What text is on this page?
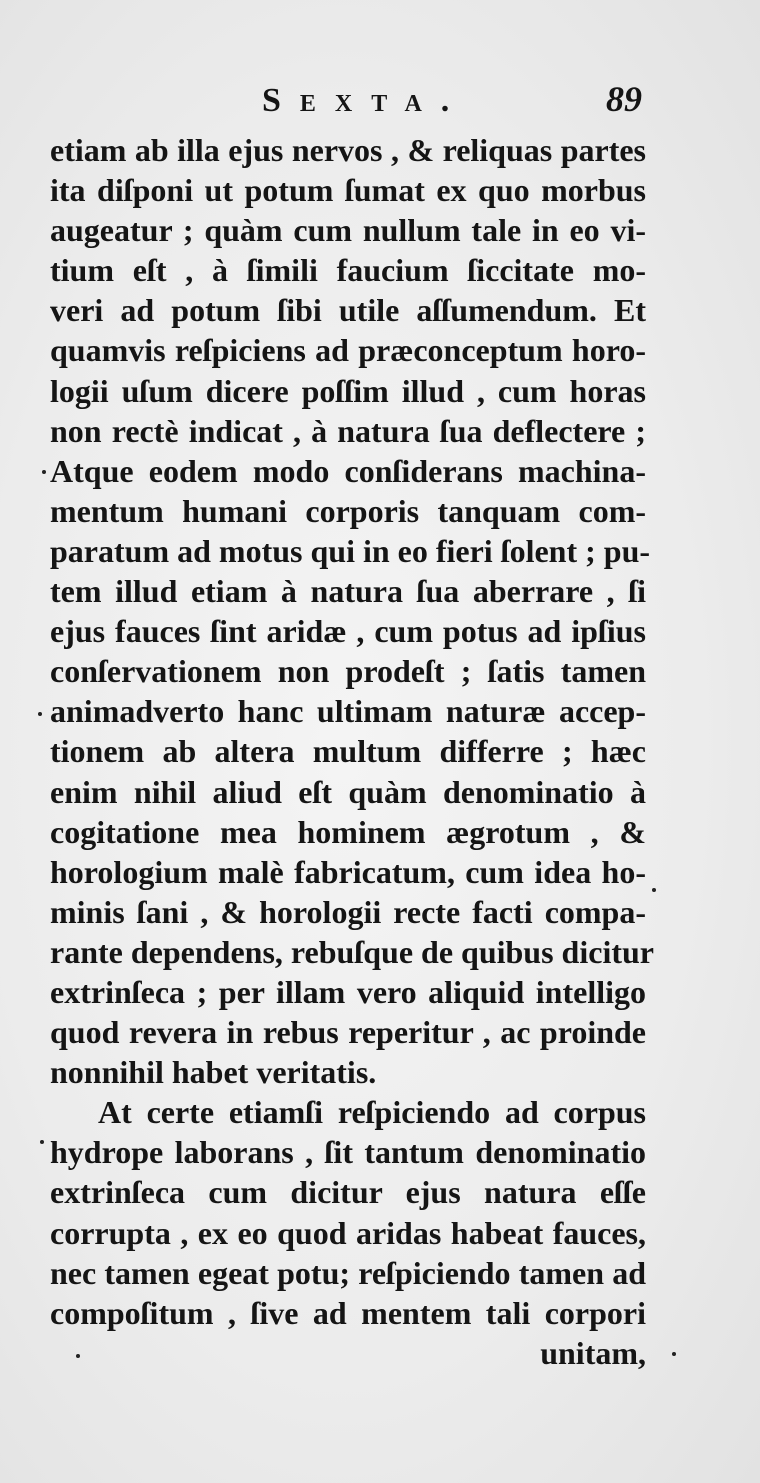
Sexta.	89
etiam ab illa ejus nervos , & reliquas partes
ita diſponi ut potum ſumat ex quo morbus
augeatur ; quàm cum nullum tale in eo vi-
tium eſt , à ſimili faucium ſiccitate mo-
veri ad potum ſibi utile aſſumendum. Et
quamvis reſpiciens ad præconceptum horo-
logii uſum dicere poſſim illud , cum horas
non rectè indicat , à natura ſua deflectere ;
Atque eodem modo conſiderans machina-
mentum humani corporis tanquam com-
paratum ad motus qui in eo fieri ſolent ; pu-
tem illud etiam à natura ſua aberrare , ſi
ejus fauces ſint aridæ , cum potus ad ipſius
conſervationem non prodeſt ; ſatis tamen
animadverto hanc ultimam naturæ accep-
tionem ab altera multum differre ; hæc
enim nihil aliud eſt quàm denominatio à
cogitatione mea hominem ægrotum , &
horologium malè fabricatum, cum idea ho-
minis ſani , & horologii recte facti compa-
rante dependens, rebuſque de quibus dicitur
extrinſeca ; per illam vero aliquid intelligo
quod revera in rebus reperitur , ac proinde
nonnihil habet veritatis.
At certe etiamſi reſpiciendo ad corpus
hydrope laborans , ſit tantum denominatio
extrinſeca cum dicitur ejus natura eſſe
corrupta , ex eo quod aridas habeat fauces,
nec tamen egeat potu; reſpiciendo tamen ad
compoſitum , ſive ad mentem tali corpori
unitam,
